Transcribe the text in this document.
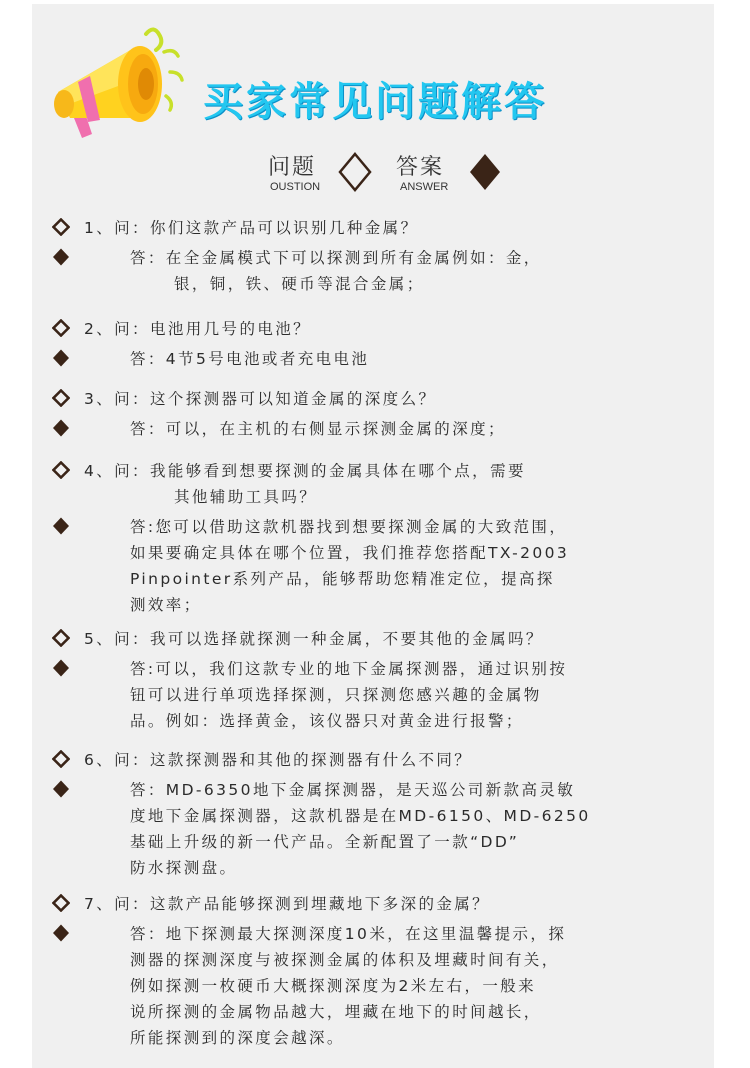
买家常见问题解答
问题
OUSTION
答案
ANSWER
1、问：你们这款产品可以识别几种金属？
答：在全金属模式下可以探测到所有金属例如：金，
银，铜，铁、硬币等混合金属；
2、问：电池用几号的电池？
答：4节5号电池或者充电电池
3、问：这个探测器可以知道金属的深度么？
答：可以，在主机的右侧显示探测金属的深度；
4、问：我能够看到想要探测的金属具体在哪个点，需要
其他辅助工具吗？
答:您可以借助这款机器找到想要探测金属的大致范围，
如果要确定具体在哪个位置，我们推荐您搭配TX-2003
Pinpointer系列产品，能够帮助您精准定位，提高探
测效率；
5、问：我可以选择就探测一种金属，不要其他的金属吗？
答:可以，我们这款专业的地下金属探测器，通过识别按
钮可以进行单项选择探测，只探测您感兴趣的金属物
品。例如：选择黄金，该仪器只对黄金进行报警；
6、问：这款探测器和其他的探测器有什么不同？
答：MD-6350地下金属探测器，是天巡公司新款高灵敏
度地下金属探测器，这款机器是在MD-6150、MD-6250
基础上升级的新一代产品。全新配置了一款“DD”
防水探测盘。
7、问：这款产品能够探测到埋藏地下多深的金属？
答：地下探测最大探测深度10米，在这里温馨提示，探
测器的探测深度与被探测金属的体积及埋藏时间有关，
例如探测一枚硬币大概探测深度为2米左右，一般来
说所探测的金属物品越大，埋藏在地下的时间越长，
所能探测到的深度会越深。
